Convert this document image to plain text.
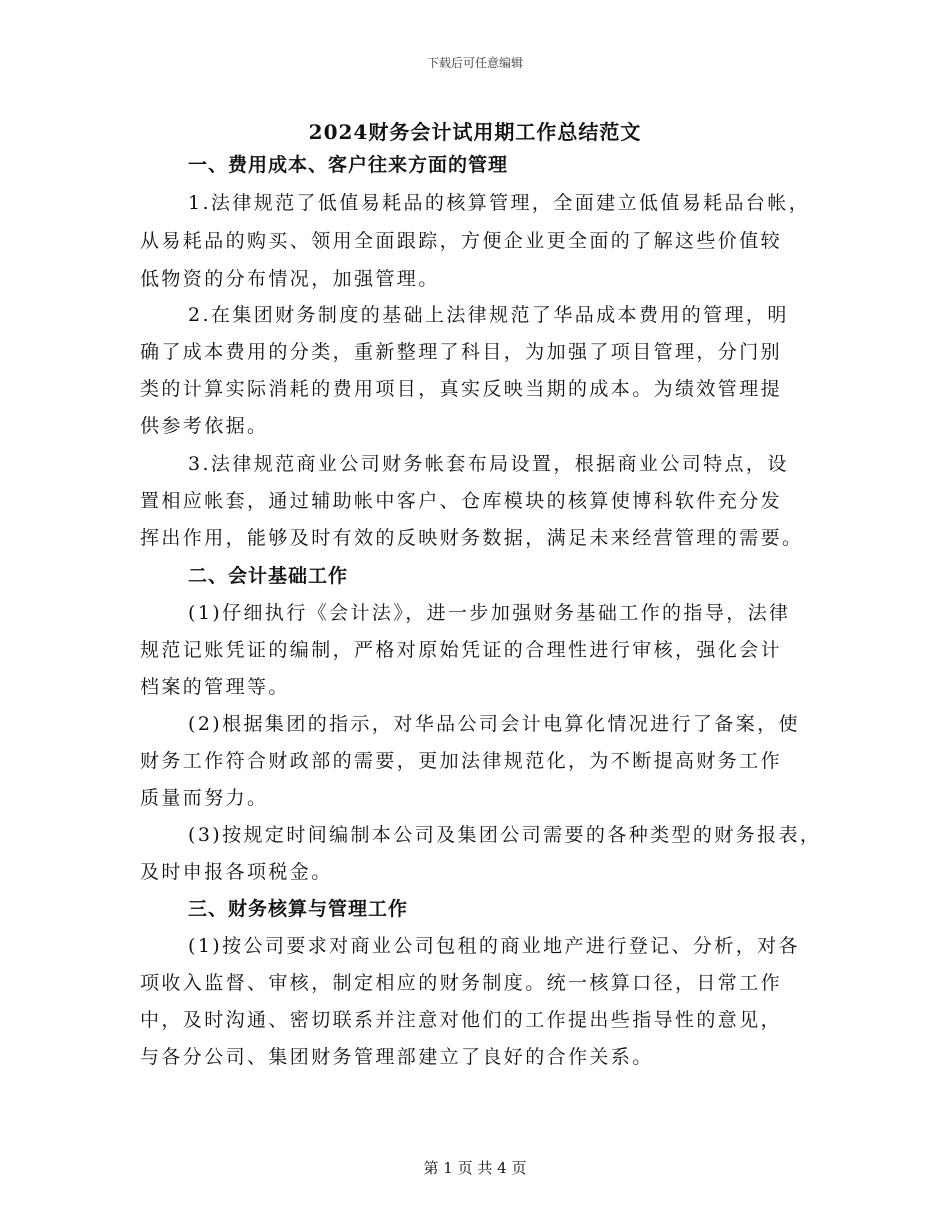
下载后可任意编辑
2024财务会计试用期工作总结范文
一、费用成本、客户往来方面的管理
1.法律规范了低值易耗品的核算管理，全面建立低值易耗品台帐，
从易耗品的购买、领用全面跟踪，方便企业更全面的了解这些价值较
低物资的分布情况，加强管理。
2.在集团财务制度的基础上法律规范了华品成本费用的管理，明
确了成本费用的分类，重新整理了科目，为加强了项目管理，分门别
类的计算实际消耗的费用项目，真实反映当期的成本。为绩效管理提
供参考依据。
3.法律规范商业公司财务帐套布局设置，根据商业公司特点，设
置相应帐套，通过辅助帐中客户、仓库模块的核算使博科软件充分发
挥出作用，能够及时有效的反映财务数据，满足未来经营管理的需要。
二、会计基础工作
(1)仔细执行《会计法》，进一步加强财务基础工作的指导，法律
规范记账凭证的编制，严格对原始凭证的合理性进行审核，强化会计
档案的管理等。
(2)根据集团的指示，对华品公司会计电算化情况进行了备案，使
财务工作符合财政部的需要，更加法律规范化，为不断提高财务工作
质量而努力。
(3)按规定时间编制本公司及集团公司需要的各种类型的财务报表，
及时申报各项税金。
三、财务核算与管理工作
(1)按公司要求对商业公司包租的商业地产进行登记、分析，对各
项收入监督、审核，制定相应的财务制度。统一核算口径，日常工作
中，及时沟通、密切联系并注意对他们的工作提出些指导性的意见，
与各分公司、集团财务管理部建立了良好的合作关系。
第 1 页 共 4 页
